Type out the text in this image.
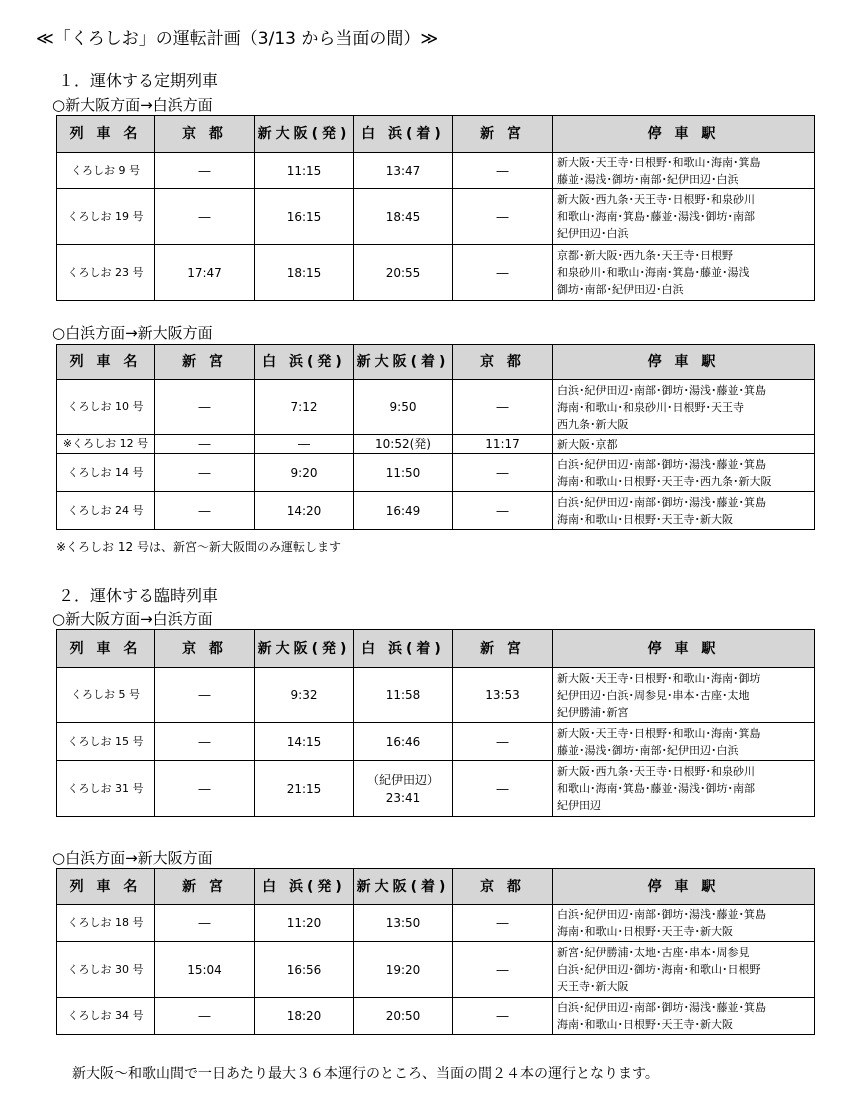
≪「くろしお」の運転計画（3/13 から当面の間）≫
１．運休する定期列車
○新大阪方面→白浜方面
列 車 名	京 都	新大阪(発)	白 浜(着)	新 宮	停 車 駅
くろしお 9 号	―	11:15	13:47	―	新大阪･天王寺･日根野･和歌山･海南･箕島
藤並･湯浅･御坊･南部･紀伊田辺･白浜

くろしお 19 号	―	16:15	18:45	―	新大阪･西九条･天王寺･日根野･和泉砂川
和歌山･海南･箕島･藤並･湯浅･御坊･南部
紀伊田辺･白浜

くろしお 23 号	17:47	18:15	20:55	―	京都･新大阪･西九条･天王寺･日根野
和泉砂川･和歌山･海南･箕島･藤並･湯浅
御坊･南部･紀伊田辺･白浜
○白浜方面→新大阪方面
列 車 名	新 宮	白 浜(発)	新大阪(着)	京 都	停 車 駅
くろしお 10 号	―	7:12	9:50	―	白浜･紀伊田辺･南部･御坊･湯浅･藤並･箕島
海南･和歌山･和泉砂川･日根野･天王寺
西九条･新大阪

※くろしお 12 号	―	―	10:52(発)	11:17	新大阪･京都

くろしお 14 号	―	9:20	11:50	―	白浜･紀伊田辺･南部･御坊･湯浅･藤並･箕島
海南･和歌山･日根野･天王寺･西九条･新大阪

くろしお 24 号	―	14:20	16:49	―	白浜･紀伊田辺･南部･御坊･湯浅･藤並･箕島
海南･和歌山･日根野･天王寺･新大阪
※くろしお 12 号は、新宮～新大阪間のみ運転します
２．運休する臨時列車
○新大阪方面→白浜方面
列 車 名	京 都	新大阪(発)	白 浜(着)	新 宮	停 車 駅
くろしお 5 号	―	9:32	11:58	13:53	新大阪･天王寺･日根野･和歌山･海南･御坊
紀伊田辺･白浜･周参見･串本･古座･太地
紀伊勝浦･新宮

くろしお 15 号	―	14:15	16:46	―	新大阪･天王寺･日根野･和歌山･海南･箕島
藤並･湯浅･御坊･南部･紀伊田辺･白浜

くろしお 31 号	―	21:15	（紀伊田辺）
23:41	―	新大阪･西九条･天王寺･日根野･和泉砂川
和歌山･海南･箕島･藤並･湯浅･御坊･南部
紀伊田辺
○白浜方面→新大阪方面
列 車 名	新 宮	白 浜(発)	新大阪(着)	京 都	停 車 駅
くろしお 18 号	―	11:20	13:50	―	白浜･紀伊田辺･南部･御坊･湯浅･藤並･箕島
海南･和歌山･日根野･天王寺･新大阪

くろしお 30 号	15:04	16:56	19:20	―	新宮･紀伊勝浦･太地･古座･串本･周参見
白浜･紀伊田辺･御坊･海南･和歌山･日根野
天王寺･新大阪

くろしお 34 号	―	18:20	20:50	―	白浜･紀伊田辺･南部･御坊･湯浅･藤並･箕島
海南･和歌山･日根野･天王寺･新大阪
新大阪～和歌山間で一日あたり最大３６本運行のところ、当面の間２４本の運行となります。
